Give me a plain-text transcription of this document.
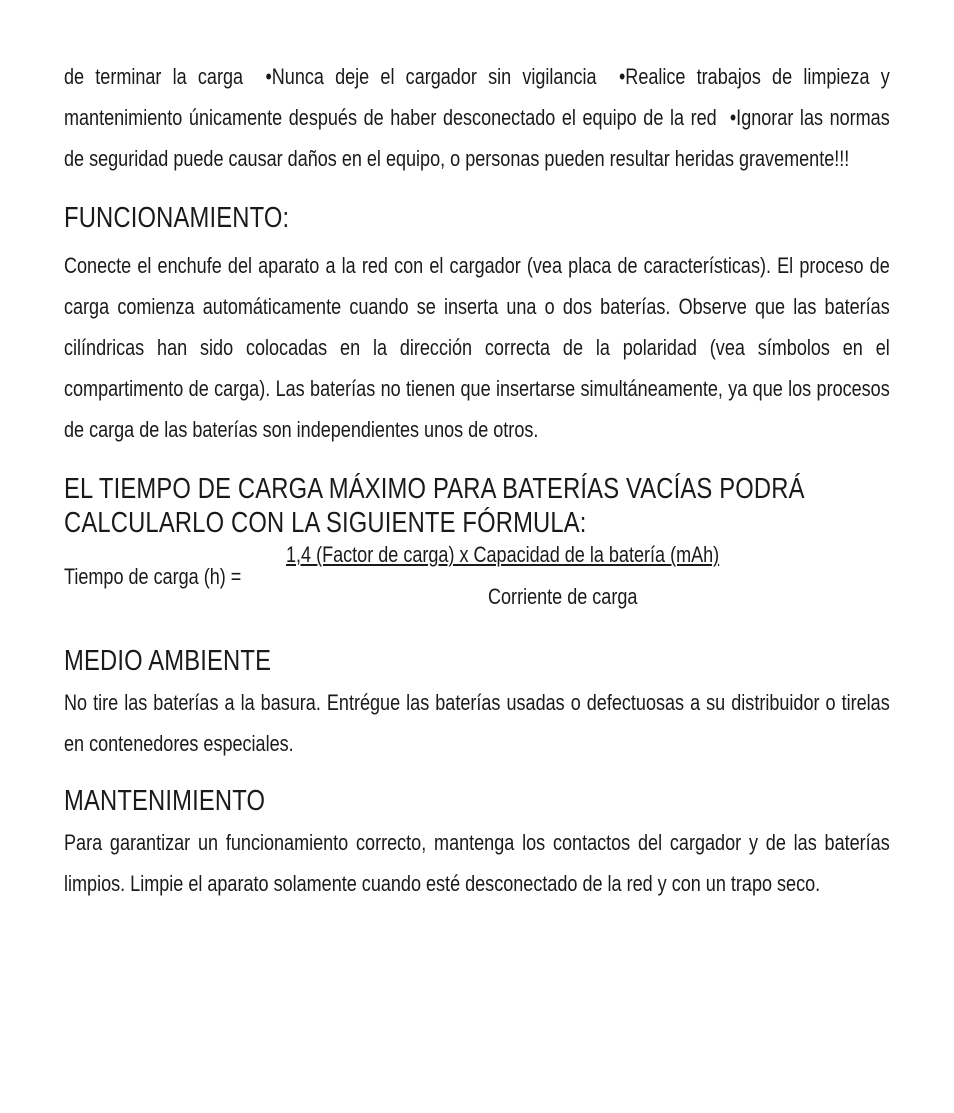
de terminar la carga •Nunca deje el cargador sin vigilancia •Realice trabajos de limpieza y mantenimiento únicamente después de haber desconectado el equipo de la red •Ignorar las normas de seguridad puede causar daños en el equipo, o personas pueden resultar heridas gravemente!!!

FUNCIONAMIENTO:

Conecte el enchufe del aparato a la red con el cargador (vea placa de características). El proceso de carga comienza automáticamente cuando se inserta una o dos baterías. Observe que las baterías cilíndricas han sido colocadas en la dirección correcta de la polaridad (vea símbolos en el compartimento de carga). Las baterías no tienen que insertarse simultáneamente, ya que los procesos de carga de las baterías son independientes unos de otros.

EL TIEMPO DE CARGA MÁXIMO PARA BATERÍAS VACÍAS PODRÁ CALCULARLO CON LA SIGUIENTE FÓRMULA:
Tiempo de carga (h) =
1,4 (Factor de carga) x Capacidad de la batería (mAh)
Corriente de carga
MEDIO AMBIENTE

No tire las baterías a la basura. Entrégue las baterías usadas o defectuosas a su distribuidor o tirelas en contenedores especiales.

MANTENIMIENTO

Para garantizar un funcionamiento correcto, mantenga los contactos del cargador y de las baterías limpios. Limpie el aparato solamente cuando esté desconectado de la red y con un trapo seco.
